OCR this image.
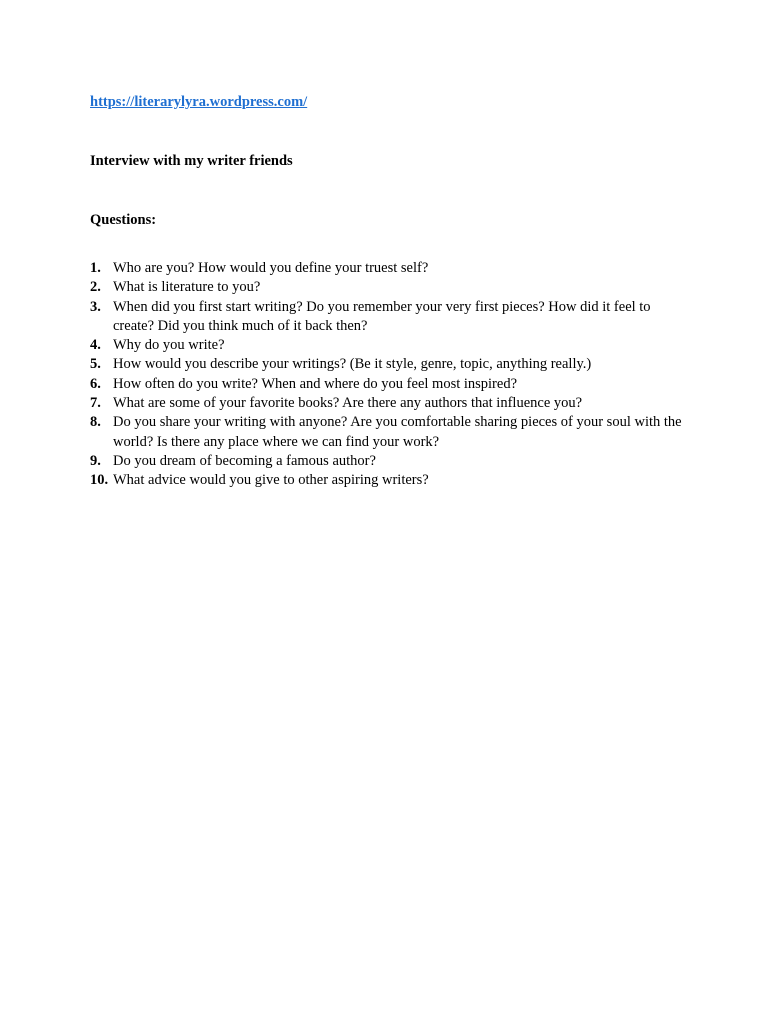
https://literarylyra.wordpress.com/
Interview with my writer friends
Questions:
1. Who are you? How would you define your truest self?
2. What is literature to you?
3. When did you first start writing? Do you remember your very first pieces? How did it feel to create? Did you think much of it back then?
4. Why do you write?
5. How would you describe your writings? (Be it style, genre, topic, anything really.)
6. How often do you write? When and where do you feel most inspired?
7. What are some of your favorite books? Are there any authors that influence you?
8. Do you share your writing with anyone? Are you comfortable sharing pieces of your soul with the world? Is there any place where we can find your work?
9. Do you dream of becoming a famous author?
10. What advice would you give to other aspiring writers?
